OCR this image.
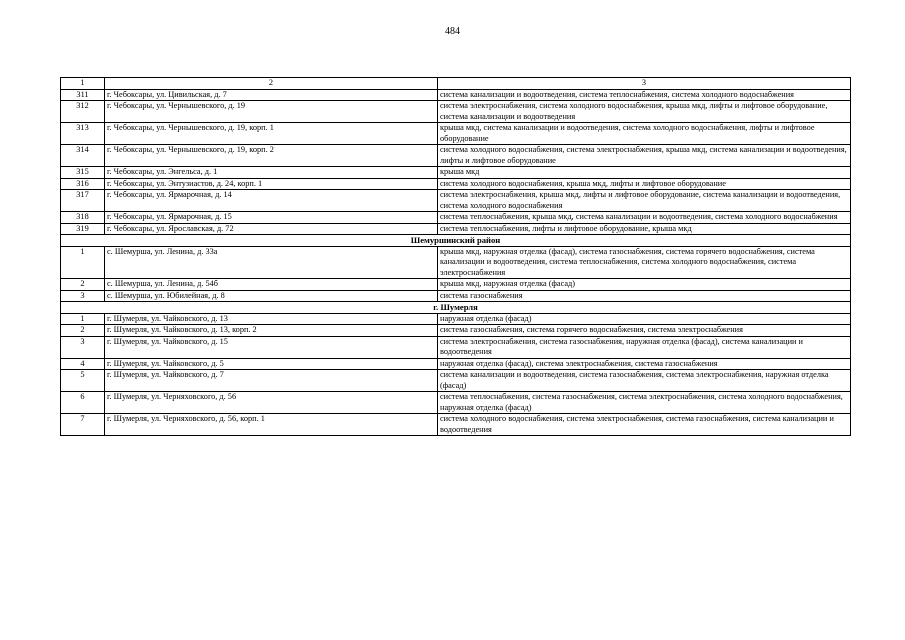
484
1	2	3
311	г. Чебоксары, ул. Цивильская, д. 7	система канализации и водоотведения, система теплоснабжения, система холодного водоснабжения
312	г. Чебоксары, ул. Чернышевского, д. 19	система электроснабжения, система холодного водоснабжения, крыша мкд, лифты и лифтовое оборудование, система канализации и водоотведения
313	г. Чебоксары, ул. Чернышевского, д. 19, корп. 1	крыша мкд, система канализации и водоотведения, система холодного водоснабжения, лифты и лифтовое оборудование
314	г. Чебоксары, ул. Чернышевского, д. 19, корп. 2	система холодного водоснабжения, система электроснабжения, крыша мкд, система канализации и водоотведения, лифты и лифтовое оборудование
315	г. Чебоксары, ул. Энгельса, д. 1	крыша мкд
316	г. Чебоксары, ул. Энтузиастов, д. 24, корп. 1	система холодного водоснабжения, крыша мкд, лифты и лифтовое оборудование
317	г. Чебоксары, ул. Ярмарочная, д. 14	система электроснабжения, крыша мкд, лифты и лифтовое оборудование, система канализации и водоотведения, система холодного водоснабжения
318	г. Чебоксары, ул. Ярмарочная, д. 15	система теплоснабжения, крыша мкд, система канализации и водоотведения, система холодного водоснабжения
319	г. Чебоксары, ул. Ярославская, д. 72	система теплоснабжения, лифты и лифтовое оборудование, крыша мкд
Шемуршинский район		
1	с. Шемурша, ул. Ленина, д. 33а	крыша мкд, наружная отделка (фасад), система газоснабжения, система горячего водоснабжения, система канализации и водоотведения, система теплоснабжения, система холодного водоснабжения, система электроснабжения
2	с. Шемурша, ул. Ленина, д. 54б	крыша мкд, наружная отделка (фасад)
3	с. Шемурша, ул. Юбилейная, д. 8	система газоснабжения
г. Шумерля		
1	г. Шумерля, ул. Чайковского, д. 13	наружная отделка (фасад)
2	г. Шумерля, ул. Чайковского, д. 13, корп. 2	система газоснабжения, система горячего водоснабжения, система электроснабжения
3	г. Шумерля, ул. Чайковского, д. 15	система электроснабжения, система газоснабжения, наружная отделка (фасад), система канализации и водоотведения
4	г. Шумерля, ул. Чайковского, д. 5	наружная отделка (фасад), система электроснабжения, система газоснабжения
5	г. Шумерля, ул. Чайковского, д. 7	система канализации и водоотведения, система газоснабжения, система электроснабжения, наружная отделка (фасад)
6	г. Шумерля, ул. Черняховского, д. 56	система теплоснабжения, система газоснабжения, система электроснабжения, система холодного водоснабжения, наружная отделка (фасад)
7	г. Шумерля, ул. Черняховского, д. 56, корп. 1	система холодного водоснабжения, система электроснабжения, система газоснабжения, система канализации и водоотведения
